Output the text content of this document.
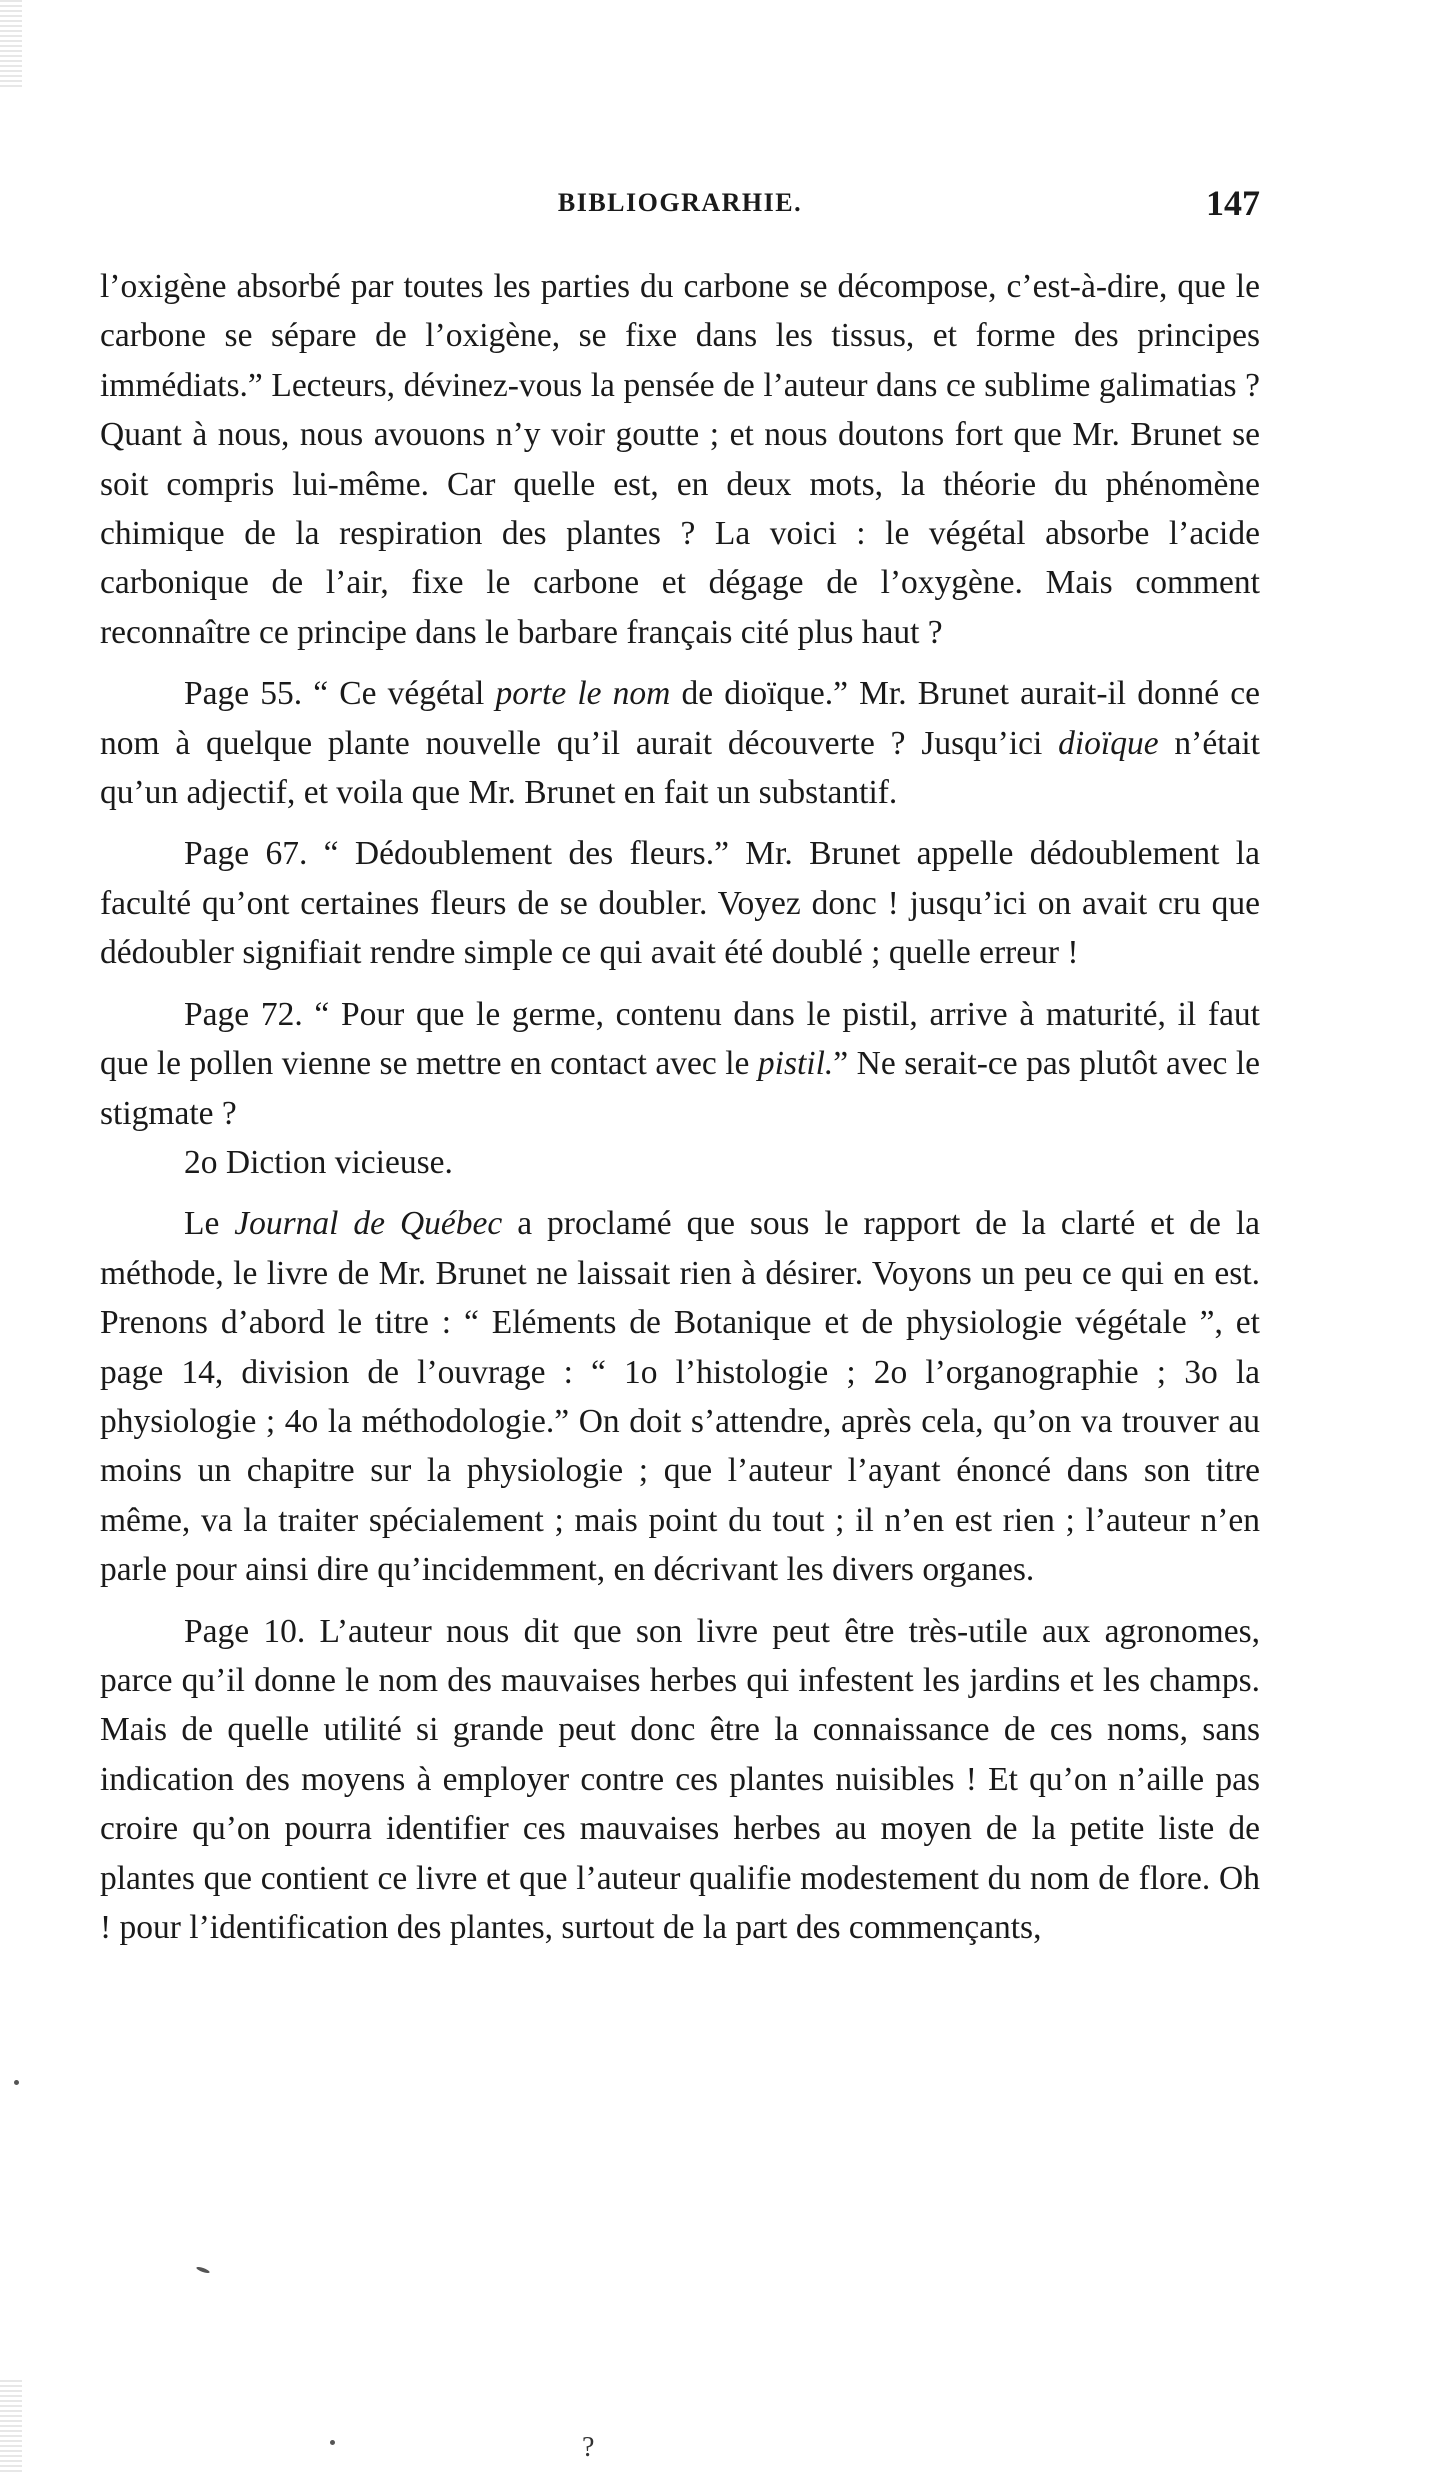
BIBLIOGRARHIE.	147

l’oxigène absorbé par toutes les parties du carbone se décompose, c’est-à-dire, que le carbone se sépare de l’oxigène, se fixe dans les tissus, et forme des principes immédiats.” Lecteurs, dévinez-vous la pensée de l’auteur dans ce sublime galimatias ? Quant à nous, nous avouons n’y voir goutte ; et nous doutons fort que Mr. Brunet se soit compris lui-même. Car quelle est, en deux mots, la théorie du phénomène chimique de la respiration des plantes ? La voici : le végétal absorbe l’acide carbonique de l’air, fixe le carbone et dégage de l’oxygène. Mais comment reconnaître ce principe dans le barbare français cité plus haut ?

Page 55. “ Ce végétal porte le nom de dioïque.” Mr. Brunet aurait-il donné ce nom à quelque plante nouvelle qu’il aurait découverte ? Jusqu’ici dioïque n’était qu’un adjectif, et voila que Mr. Brunet en fait un substantif.

Page 67. “ Dédoublement des fleurs.” Mr. Brunet appelle dédoublement la faculté qu’ont certaines fleurs de se doubler. Voyez donc ! jusqu’ici on avait cru que dédoubler signifiait rendre simple ce qui avait été doublé ; quelle erreur !

Page 72. “ Pour que le germe, contenu dans le pistil, arrive à maturité, il faut que le pollen vienne se mettre en contact avec le pistil.” Ne serait-ce pas plutôt avec le stigmate ?

2o Diction vicieuse.

Le Journal de Québec a proclamé que sous le rapport de la clarté et de la méthode, le livre de Mr. Brunet ne laissait rien à désirer. Voyons un peu ce qui en est. Prenons d’abord le titre : “ Eléments de Botanique et de physiologie végétale ”, et page 14, division de l’ouvrage : “ 1o l’histologie ; 2o l’organographie ; 3o la physiologie ; 4o la méthodologie.” On doit s’attendre, après cela, qu’on va trouver au moins un chapitre sur la physiologie ; que l’auteur l’ayant énoncé dans son titre même, va la traiter spécialement ; mais point du tout ; il n’en est rien ; l’auteur n’en parle pour ainsi dire qu’incidemment, en décrivant les divers organes.

Page 10. L’auteur nous dit que son livre peut être très-utile aux agronomes, parce qu’il donne le nom des mauvaises herbes qui infestent les jardins et les champs. Mais de quelle utilité si grande peut donc être la connaissance de ces noms, sans indication des moyens à employer contre ces plantes nuisibles ! Et qu’on n’aille pas croire qu’on pourra identifier ces mauvaises herbes au moyen de la petite liste de plantes que contient ce livre et que l’auteur qualifie modestement du nom de flore. Oh ! pour l’identification des plantes, surtout de la part des commençants,

?
